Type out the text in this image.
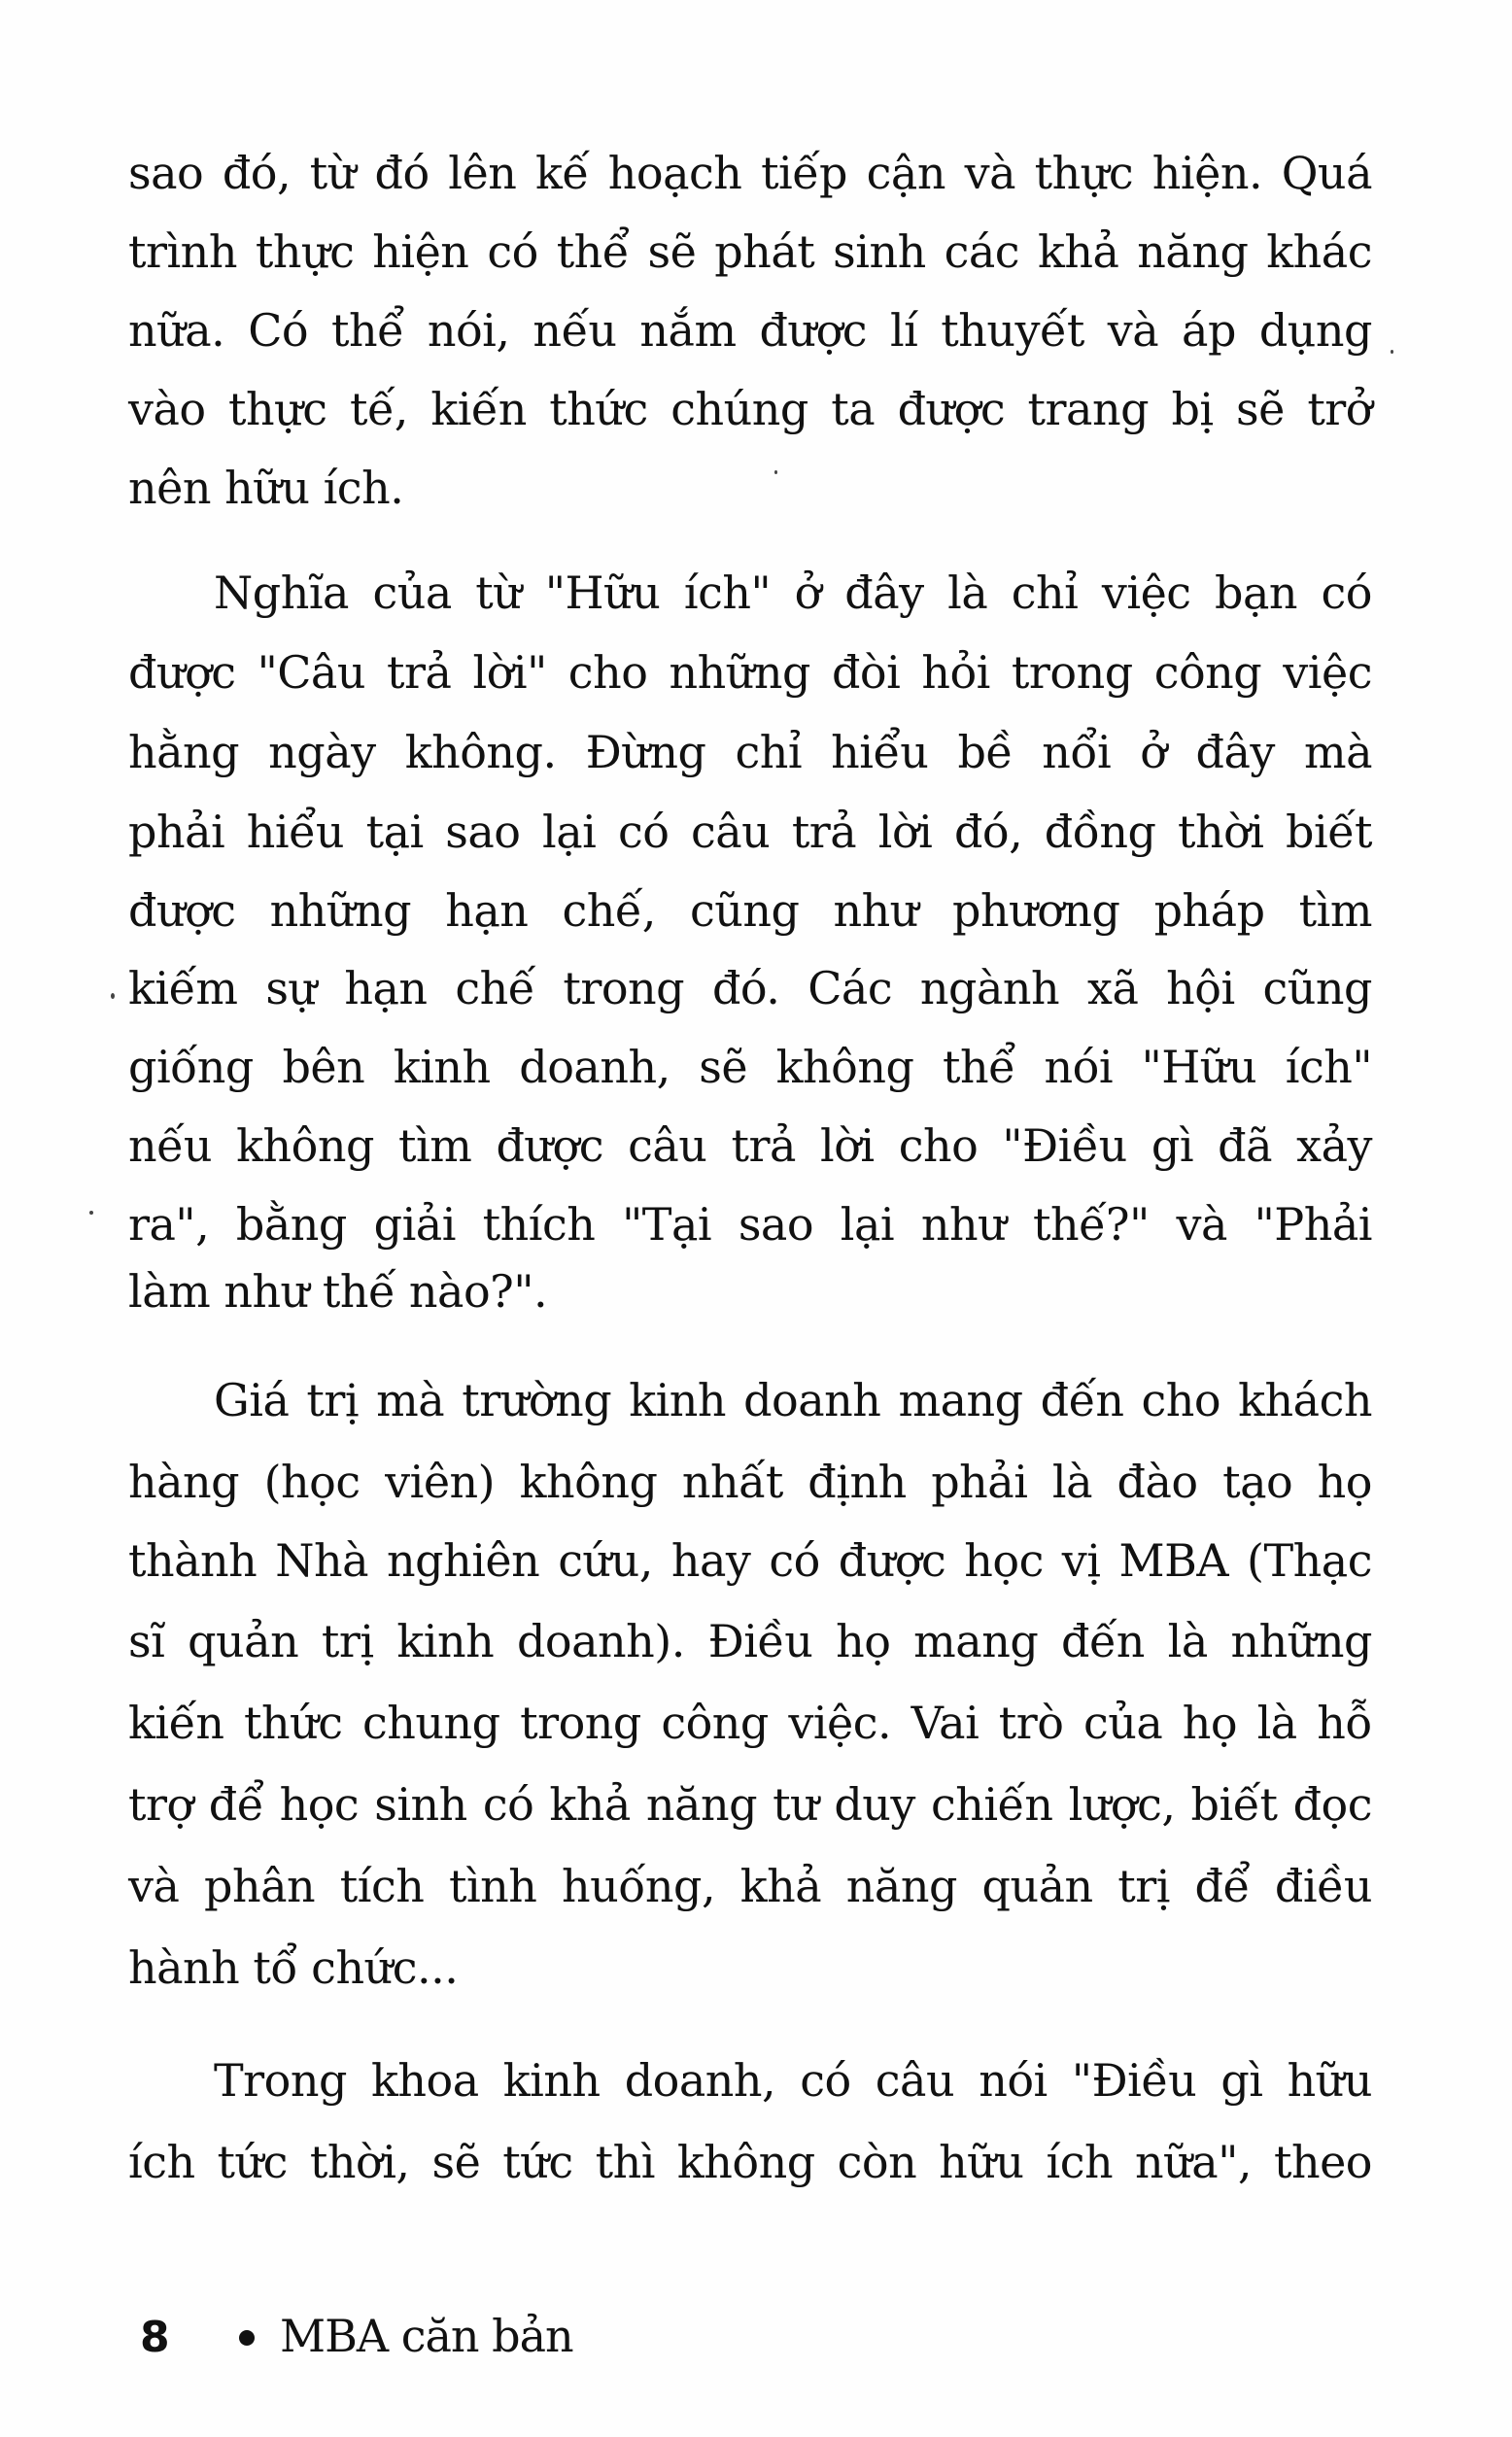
sao đó, từ đó lên kế hoạch tiếp cận và thực hiện. Quá
trình thực hiện có thể sẽ phát sinh các khả năng khác
nữa. Có thể nói, nếu nắm được lí thuyết và áp dụng
vào thực tế, kiến thức chúng ta được trang bị sẽ trở
nên hữu ích.
Nghĩa của từ "Hữu ích" ở đây là chỉ việc bạn có
được "Câu trả lời" cho những đòi hỏi trong công việc
hằng ngày không. Đừng chỉ hiểu bề nổi ở đây mà
phải hiểu tại sao lại có câu trả lời đó, đồng thời biết
được những hạn chế, cũng như phương pháp tìm
kiếm sự hạn chế trong đó. Các ngành xã hội cũng
giống bên kinh doanh, sẽ không thể nói "Hữu ích"
nếu không tìm được câu trả lời cho "Điều gì đã xảy
ra", bằng giải thích "Tại sao lại như thế?" và "Phải
làm như thế nào?".
Giá trị mà trường kinh doanh mang đến cho khách
hàng (học viên) không nhất định phải là đào tạo họ
thành Nhà nghiên cứu, hay có được học vị MBA (Thạc
sĩ quản trị kinh doanh). Điều họ mang đến là những
kiến thức chung trong công việc. Vai trò của họ là hỗ
trợ để học sinh có khả năng tư duy chiến lược, biết đọc
và phân tích tình huống, khả năng quản trị để điều
hành tổ chức...
Trong khoa kinh doanh, có câu nói "Điều gì hữu
ích tức thời, sẽ tức thì không còn hữu ích nữa", theo
8 MBA căn bản
